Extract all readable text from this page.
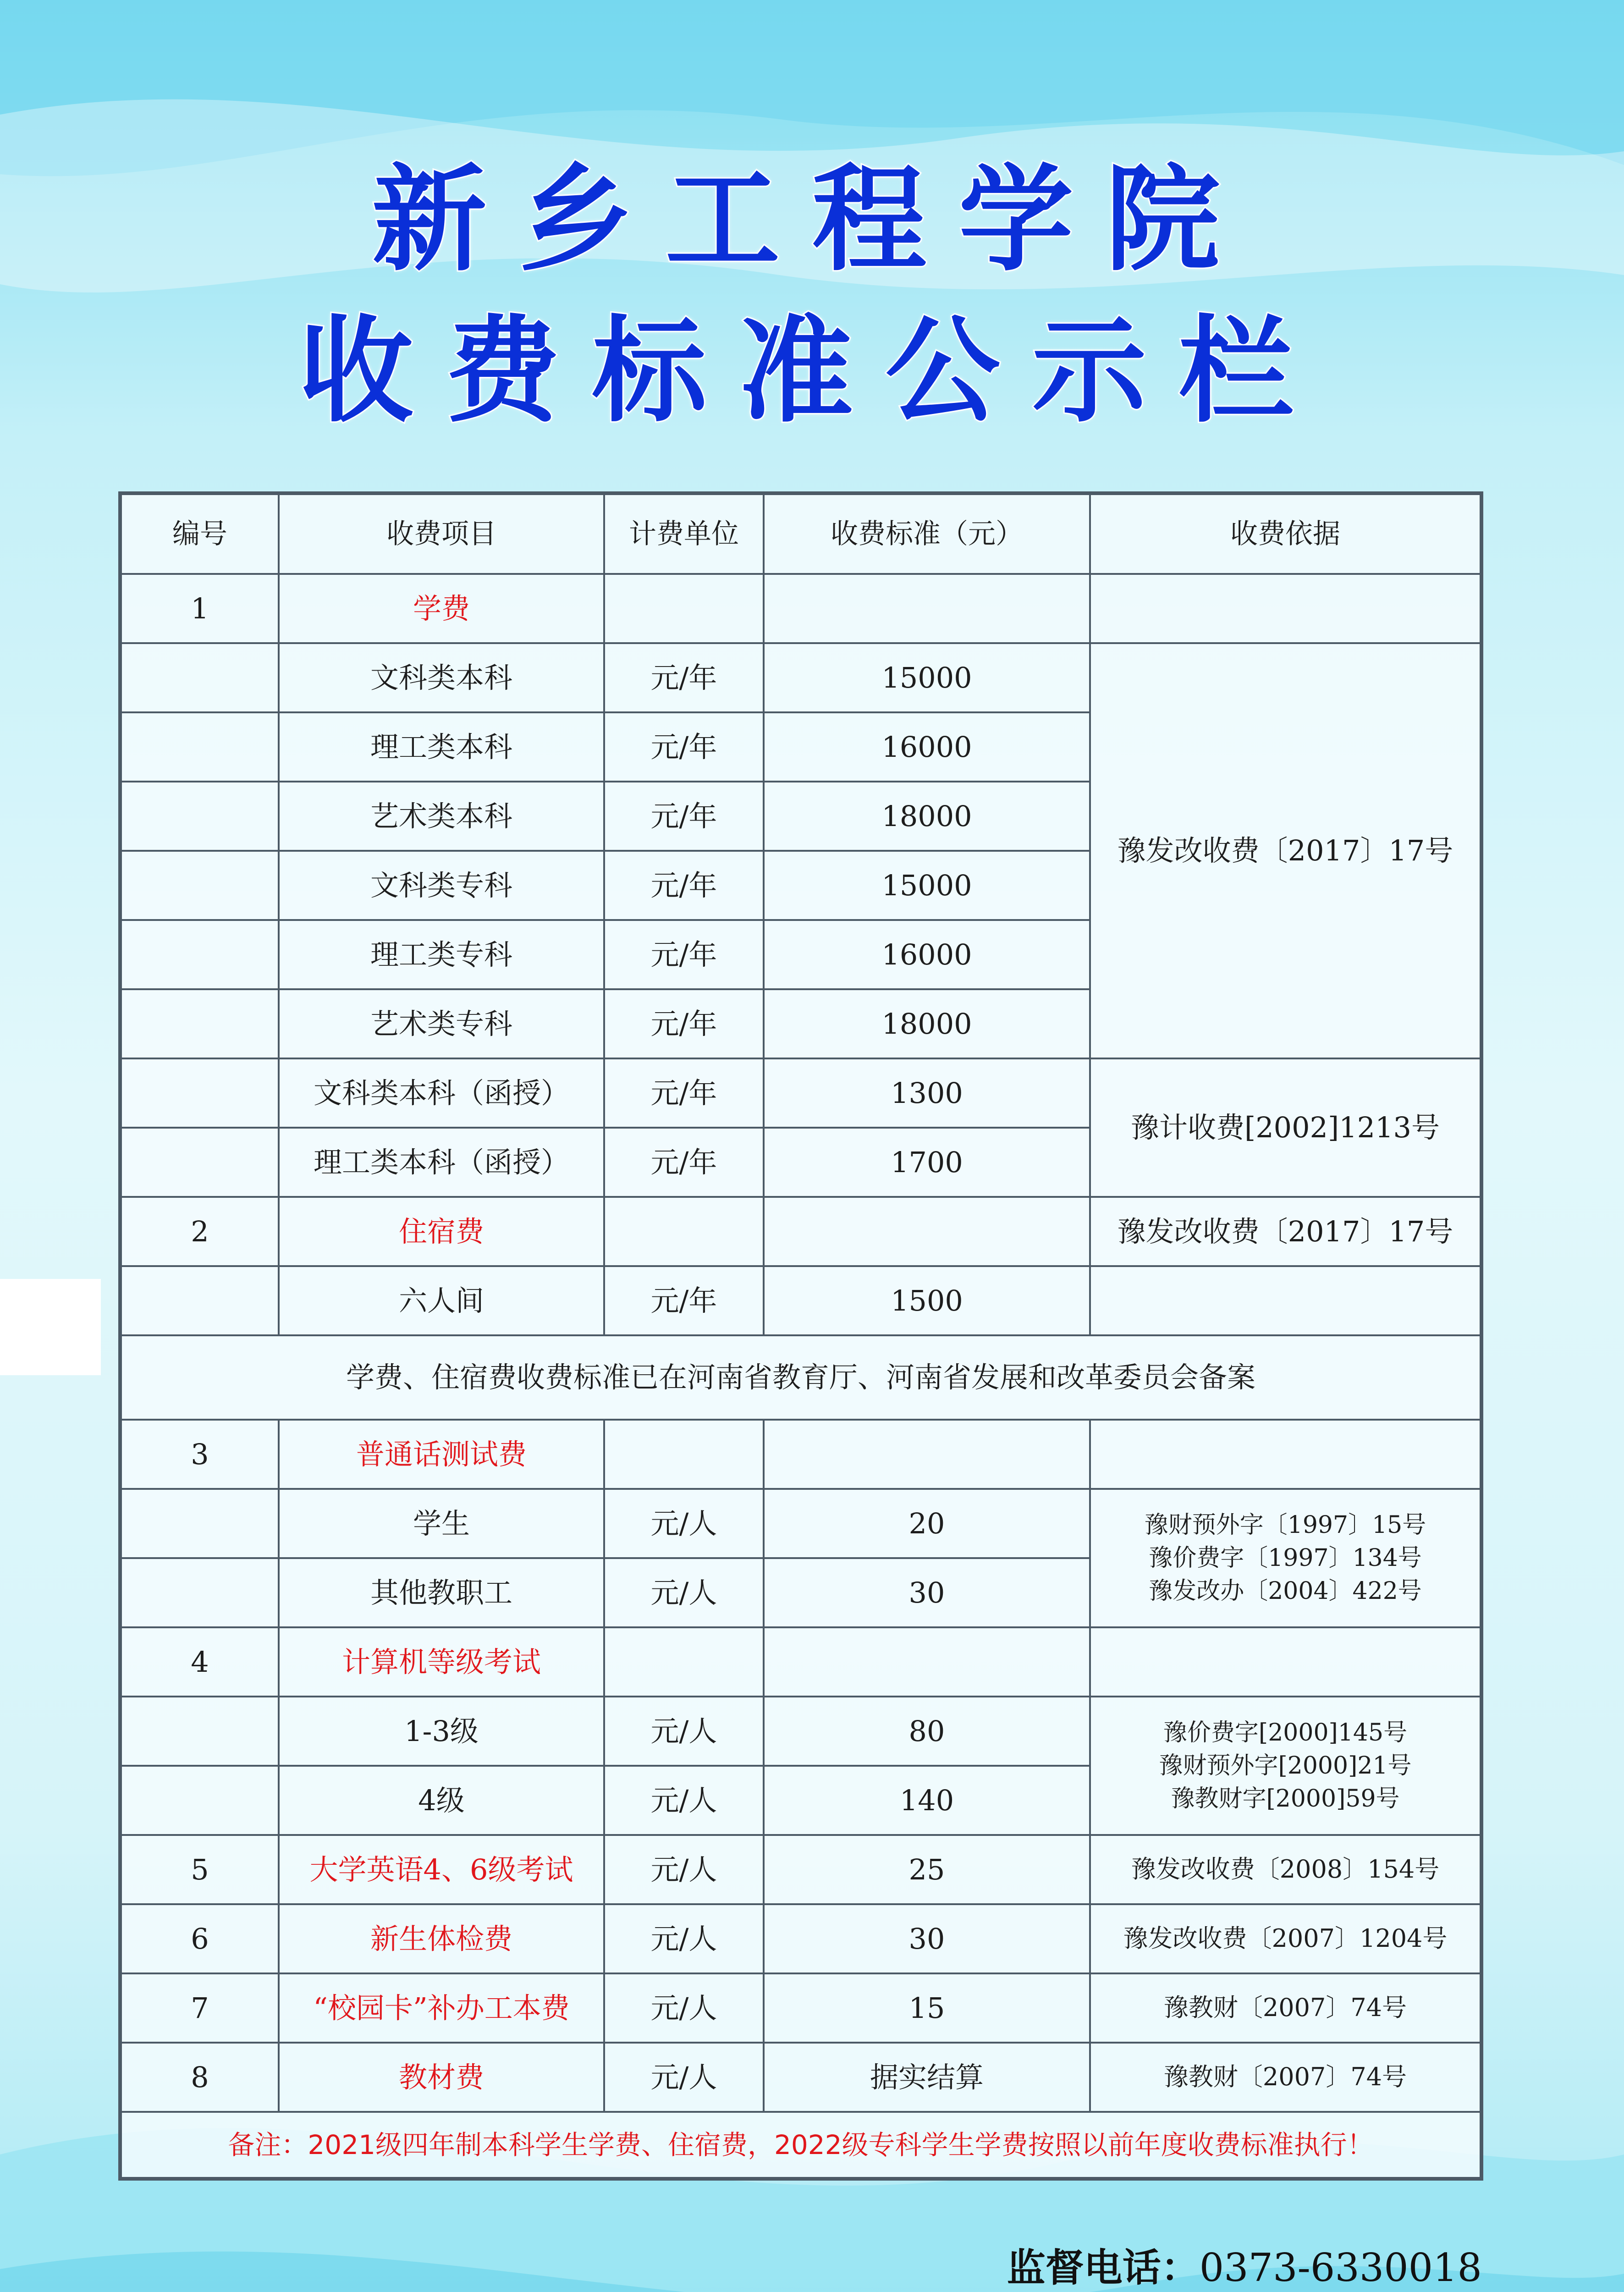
新乡工程学院
收费标准公示栏
编号	收费项目	计费单位	收费标准（元）	收费依据
1	学费			
	文科类本科	元/年	15000	豫发改收费〔2017〕17号
	理工类本科	元/年	16000	
	艺术类本科	元/年	18000	
	文科类专科	元/年	15000	
	理工类专科	元/年	16000	
	艺术类专科	元/年	18000	
	文科类本科（函授）	元/年	1300	豫计收费[2002]1213号
	理工类本科（函授）	元/年	1700	
2	住宿费			豫发改收费〔2017〕17号
	六人间	元/年	1500	
学费、住宿费收费标准已在河南省教育厅、河南省发展和改革委员会备案				
3	普通话测试费			
	学生	元/人	20	豫财预外字〔1997〕15号
豫价费字〔1997〕134号
豫发改办〔2004〕422号

	其他教职工	元/人	30	
4	计算机等级考试			
	1-3级	元/人	80	豫价费字[2000]145号
豫财预外字[2000]21号
豫教财字[2000]59号

	4级	元/人	140	
5	大学英语4、6级考试	元/人	25	豫发改收费〔2008〕154号
6	新生体检费	元/人	30	豫发改收费〔2007〕1204号
7	“校园卡”补办工本费	元/人	15	豫教财〔2007〕74号
8	教材费	元/人	据实结算	豫教财〔2007〕74号
备注：2021级四年制本科学生学费、住宿费，2022级专科学生学费按照以前年度收费标准执行！				
监督电话：0373-6330018
